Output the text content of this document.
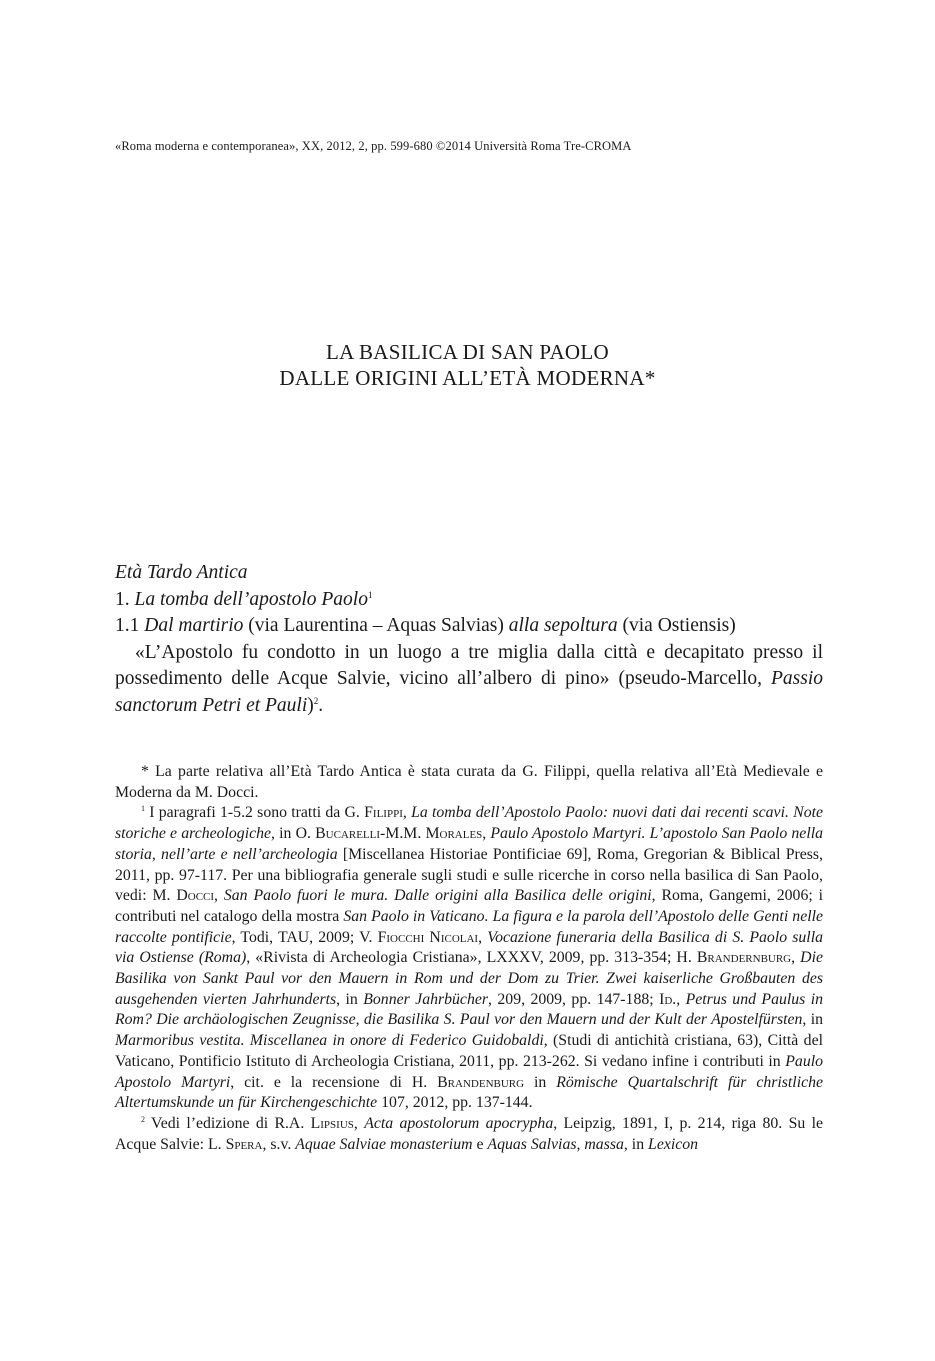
«Roma moderna e contemporanea», XX, 2012, 2, pp. 599-680 ©2014 Università Roma Tre-CROMA
LA BASILICA DI SAN PAOLO
DALLE ORIGINI ALL’ETÀ MODERNA*

Età Tardo Antica

1. La tomba dell’apostolo Paolo$^1$

1.1 Dal martirio (via Laurentina – Aquas Salvias) alla sepoltura (via Ostiensis)

«L’Apostolo fu condotto in un luogo a tre miglia dalla città e decapitato presso il possedimento delle Acque Salvie, vicino all’albero di pino» (pseudo-Marcello, Passio sanctorum Petri et Pauli)$^2$.

* La parte relativa all’Età Tardo Antica è stata curata da G. Filippi, quella relativa all’Età Medievale e Moderna da M. Docci.

$^1$ I paragrafi 1-5.2 sono tratti da G. Filippi, La tomba dell’Apostolo Paolo: nuovi dati dai recenti scavi. Note storiche e archeologiche, in O. Bucarelli-M.M. Morales, Paulo Apostolo Martyri. L’apostolo San Paolo nella storia, nell’arte e nell’archeologia [Miscellanea Historiae Pontificiae 69], Roma, Gregorian & Biblical Press, 2011, pp. 97-117. Per una bibliografia generale sugli studi e sulle ricerche in corso nella basilica di San Paolo, vedi: M. Docci, San Paolo fuori le mura. Dalle origini alla Basilica delle origini, Roma, Gangemi, 2006; i contributi nel catalogo della mostra San Paolo in Vaticano. La figura e la parola dell’Apostolo delle Genti nelle raccolte pontificie, Todi, TAU, 2009; V. Fiocchi Nicolai, Vocazione funeraria della Basilica di S. Paolo sulla via Ostiense (Roma), «Rivista di Archeologia Cristiana», LXXXV, 2009, pp. 313-354; H. Brandernburg, Die Basilika von Sankt Paul vor den Mauern in Rom und der Dom zu Trier. Zwei kaiserliche Großbauten des ausgehenden vierten Jahrhunderts, in Bonner Jahrbücher, 209, 2009, pp. 147-188; Id., Petrus und Paulus in Rom? Die archäologischen Zeugnisse, die Basilika S. Paul vor den Mauern und der Kult der Apostelfürsten, in Marmoribus vestita. Miscellanea in onore di Federico Guidobaldi, (Studi di antichità cristiana, 63), Città del Vaticano, Pontificio Istituto di Archeologia Cristiana, 2011, pp. 213-262. Si vedano infine i contributi in Paulo Apostolo Martyri, cit. e la recensione di H. Brandenburg in Römische Quartalschrift für christliche Altertumskunde un für Kirchengeschichte 107, 2012, pp. 137-144.

$^2$ Vedi l’edizione di R.A. Lipsius, Acta apostolorum apocrypha, Leipzig, 1891, I, p. 214, riga 80. Su le Acque Salvie: L. Spera, s.v. Aquae Salviae monasterium e Aquas Salvias, massa, in Lexicon
